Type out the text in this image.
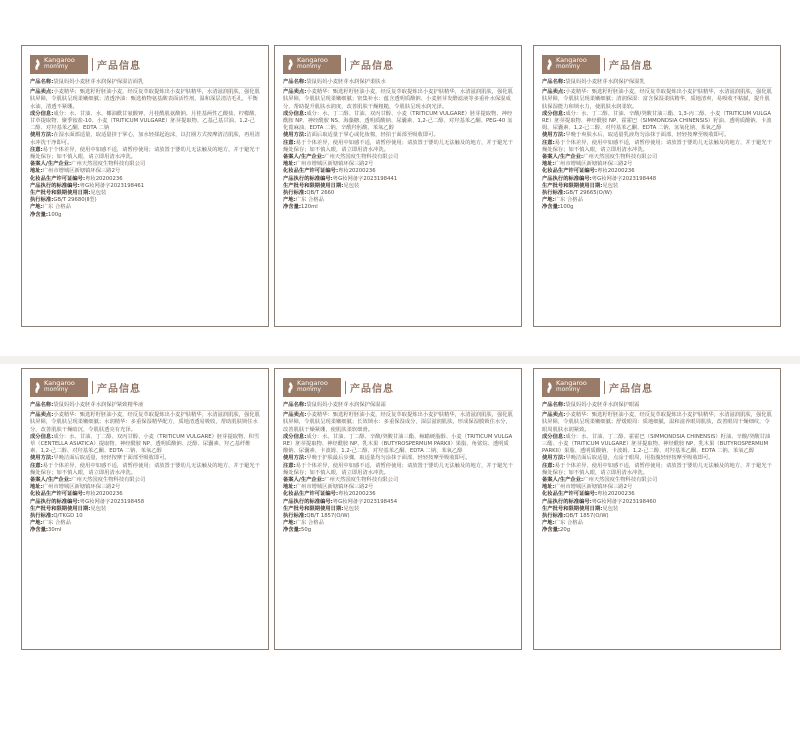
Kangaroo
mommy	产品信息

产品名称:袋鼠妈妈小麦胚芽水润保护保湿洁面乳

产品卖点:小麦精华；甄选籽籽胚油小麦，经反复萃取提炼出小麦护肤精华，水清滋润肌肤，强化肌肤屏障，令肌肤呈现柔嫩细腻；清透净油：甄选植物氨基酸表面活性剂，温和深层清洁毛孔，平衡水油，清透不紧绷。

成分信息:成分：水、甘油、水、椰油酰甘氨酸钾、月桂酰肌氨酸钠、月桂基两性乙酸盐、柠檬酸、甘草提取物、聚季铵盐-10、小麦（TRITICUM VULGARE）胚芽提取物、乙基己基甘油、1,2-己二醇、对羟基苯乙酮、EDTA 二钠

使用方法:在湿水面部适量，取适量挤于掌心，加水轻揉起泡沫，以打圈方式按摩清洁肌肤，再用清水冲洗干净即可。

注意:易于个体差异，使用中如感不适，请暂停使用；请放置于婴幼儿无法触及的地方，并于避光干燥处保存；如不慎入眼，请立即用清水冲洗。

备案人/生产企业:广州天然国度生物科技有限公司

地址:广州市增城区新塘镇环保三路2号

化妆品生产许可证编号:粤妆20200236

产品执行的标准编号:粤G妆网备字2023198461

生产批号和限期使用日期:见包装

执行标准:GB/T 29680(Ⅱ型)

产地:广东 合格品

净含量:100g

Kangaroo
mommy	产品信息

产品名称:袋鼠妈妈小麦胚芽水润保护柔肤水

产品卖点:小麦精华：甄选籽籽胚油小麦，经反复萃取提炼出小麦护肤精华，水清滋润肌肤，强化肌肤屏障，令肌肤呈现柔嫩细腻；密集补水：蕴含透明质酸钠、小麦胚芽发酵滤液等多重补水保湿成分，帮助提升肌肤水润度，改善肌肤干燥粗糙，令肌肤呈现水润光泽。

成分信息:成分：水、丁二醇、甘油、双丙甘醇、小麦（TRITICUM VULGARE）胚芽提取物、神经酰胺 NP、神经酰胺 NS、海藻糖、透明质酸钠、尿囊素、1,2-己二醇、对羟基苯乙酮、PEG-40 氢化蓖麻油、EDTA 二钠、辛酰羟肟酸、苯氧乙醇

使用方法:洁面后取适量于掌心或化妆棉，轻拍于面部至吸收即可。

注意:易于个体差异，使用中如感不适，请暂停使用；请放置于婴幼儿无法触及的地方，并于避光干燥处保存；如不慎入眼，请立即用清水冲洗。

备案人/生产企业:广州天然国度生物科技有限公司

地址:广州市增城区新塘镇环保三路2号

化妆品生产许可证编号:粤妆20200236

产品执行的标准编号:粤G妆网备字2023198441

生产批号和限期使用日期:见包装

执行标准:QB/T 2660

产地:广东 合格品

净含量:120ml

Kangaroo
mommy	产品信息

产品名称:袋鼠妈妈小麦胚芽水润保护保湿乳

产品卖点:小麦精华：甄选籽籽胚油小麦，经反复萃取提炼出小麦护肤精华，水清滋润肌肤，强化肌肤屏障，令肌肤呈现柔嫩细腻；清润保湿：富含保湿柔肤精华，质地清爽，易吸收不粘腻，提升肌肤保湿能力和锁水力，使肌肤水润柔软。

成分信息:成分：水、丁二醇、甘油、辛酸/癸酸甘油三酯、1,3-丙二醇、小麦（TRITICUM VULGARE）胚芽提取物、神经酰胺 NP、霍霍巴（SIMMONDSIA CHINENSIS）籽油、透明质酸钠、卡波姆、尿囊素、1,2-己二醇、对羟基苯乙酮、EDTA 二钠、氢氧化钠、苯氧乙醇

使用方法:早晚于爽肤水后，取适量乳液均匀涂抹于面部，轻轻按摩至吸收即可。

注意:易于个体差异，使用中如感不适，请暂停使用；请放置于婴幼儿无法触及的地方，并于避光干燥处保存；如不慎入眼，请立即用清水冲洗。

备案人/生产企业:广州天然国度生物科技有限公司

地址:广州市增城区新塘镇环保三路2号

化妆品生产许可证编号:粤妆20200236

产品执行的标准编号:粤G妆网备字2023198448

生产批号和限期使用日期:见包装

执行标准:GB/T 29665(O/W)

产地:广东 合格品

净含量:100g

Kangaroo
mommy	产品信息

产品名称:袋鼠妈妈小麦胚芽水润保护紧致精华液

产品卖点:小麦精华：甄选籽籽胚油小麦，经反复萃取提炼出小麦护肤精华，水清滋润肌肤，强化肌肤屏障，令肌肤呈现柔嫩细腻；水润精华：多重保湿精华配方，质地清透易吸收，帮助肌肤锁住水分，改善肌肤干燥暗沉，令肌肤透亮有光泽。

成分信息:成分：水、甘油、丁二醇、双丙甘醇、小麦（TRITICUM VULGARE）胚芽提取物、积雪草（CENTELLA ASIATICA）提取物、神经酰胺 NP、透明质酸钠、泛醇、尿囊素、羟乙基纤维素、1,2-己二醇、对羟基苯乙酮、EDTA 二钠、苯氧乙醇

使用方法:早晚洁面后取适量，轻轻按摩于面部至吸收即可。

注意:易于个体差异，使用中如感不适，请暂停使用；请放置于婴幼儿无法触及的地方，并于避光干燥处保存；如不慎入眼，请立即用清水冲洗。

备案人/生产企业:广州天然国度生物科技有限公司

地址:广州市增城区新塘镇环保三路2号

化妆品生产许可证编号:粤妆20200236

产品执行的标准编号:粤G妆网备字2023198458

生产批号和限期使用日期:见包装

执行标准:Q/TKGD 10

产地:广东 合格品

净含量:30ml

Kangaroo
mommy	产品信息

产品名称:袋鼠妈妈小麦胚芽水润保护保湿霜

产品卖点:小麦精华：甄选籽籽胚油小麦，经反复萃取提炼出小麦护肤精华，水清滋润肌肤，强化肌肤屏障，令肌肤呈现柔嫩细腻；长效锁水：多重保湿成分，深层滋润肌肤，形成保湿膜锁住水分，改善肌肤干燥紧绷，使肌肤柔软细滑。

成分信息:成分：水、甘油、丁二醇、辛酸/癸酸甘油三酯、鲸蜡硬脂醇、小麦（TRITICUM VULGARE）胚芽提取物、神经酰胺 NP、乳木果（BUTYROSPERMUM PARKII）果脂、角鲨烷、透明质酸钠、尿囊素、卡波姆、1,2-己二醇、对羟基苯乙酮、EDTA 二钠、苯氧乙醇

使用方法:早晚于护肤最后步骤，取适量均匀涂抹于面部，轻轻按摩至吸收即可。

注意:易于个体差异，使用中如感不适，请暂停使用；请放置于婴幼儿无法触及的地方，并于避光干燥处保存；如不慎入眼，请立即用清水冲洗。

备案人/生产企业:广州天然国度生物科技有限公司

地址:广州市增城区新塘镇环保三路2号

化妆品生产许可证编号:粤妆20200236

产品执行的标准编号:粤G妆网备字2023198454

生产批号和限期使用日期:见包装

执行标准:QB/T 1857(O/W)

产地:广东 合格品

净含量:50g

Kangaroo
mommy	产品信息

产品名称:袋鼠妈妈小麦胚芽水润保护眼霜

产品卖点:小麦精华：甄选籽籽胚油小麦，经反复萃取提炼出小麦护肤精华，水清滋润肌肤，强化肌肤屏障，令肌肤呈现柔嫩细腻；舒缓眼周：质地细腻，温和滋养眼周肌肤，改善眼周干燥细纹，令眼周肌肤水润紧致。

成分信息:成分：水、甘油、丁二醇、霍霍巴（SIMMONDSIA CHINENSIS）籽油、辛酸/癸酸甘油三酯、小麦（TRITICUM VULGARE）胚芽提取物、神经酰胺 NP、乳木果（BUTYROSPERMUM PARKII）果脂、透明质酸钠、卡波姆、1,2-己二醇、对羟基苯乙酮、EDTA 二钠、苯氧乙醇

使用方法:早晚洁面后取适量，点涂于眼周，用指腹轻轻按摩至吸收即可。

注意:易于个体差异，使用中如感不适，请暂停使用；请放置于婴幼儿无法触及的地方，并于避光干燥处保存；如不慎入眼，请立即用清水冲洗。

备案人/生产企业:广州天然国度生物科技有限公司

地址:广州市增城区新塘镇环保三路2号

化妆品生产许可证编号:粤妆20200236

产品执行的标准编号:粤G妆网备字2023198460

生产批号和限期使用日期:见包装

执行标准:QB/T 1857(O/W)

产地:广东 合格品

净含量:20g
